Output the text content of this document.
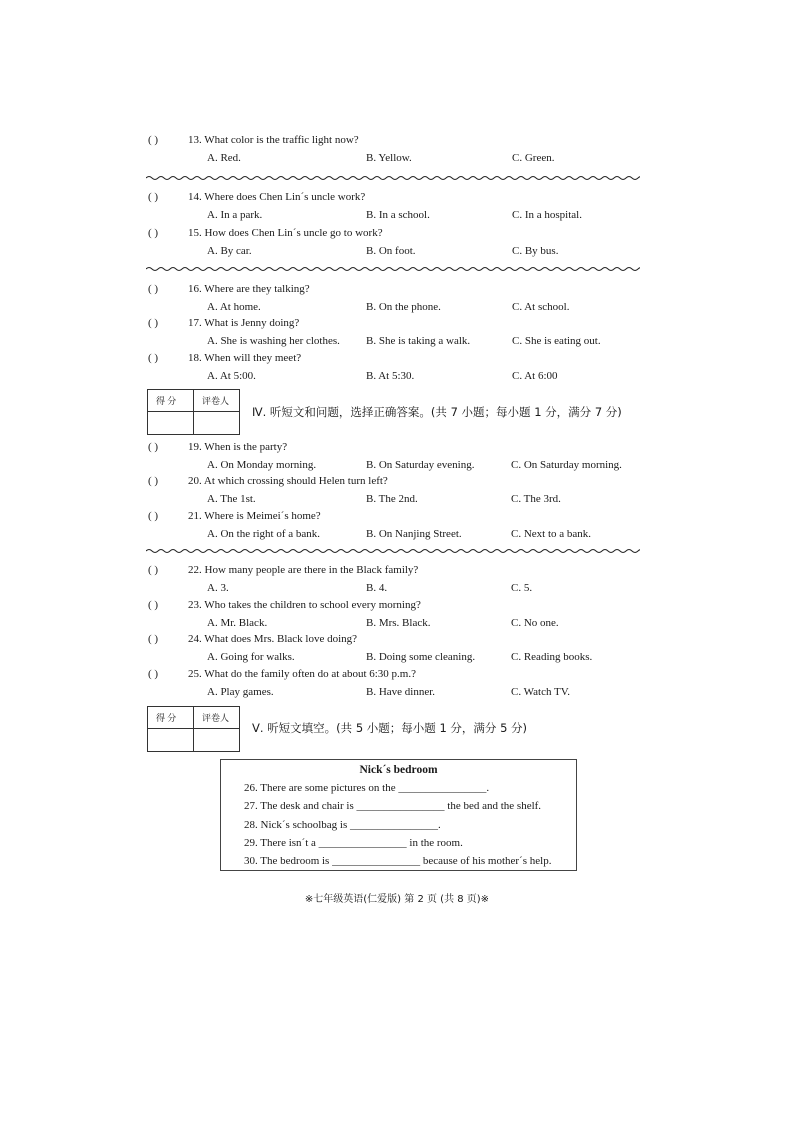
( )	13. What color is the traffic light now?
A. Red.	B. Yellow.	C. Green.
( )	14. Where does Chen Lin´s uncle work?
A. In a park.	B. In a school.	C. In a hospital.
( )	15. How does Chen Lin´s uncle go to work?
A. By car.	B. On foot.	C. By bus.
( )	16. Where are they talking?
A. At home.	B. On the phone.	C. At school.
( )	17. What is Jenny doing?
A. She is washing her clothes. B. She is taking a walk.	C. She is eating out.
( )	18. When will they meet?
A. At 5:00.	B. At 5:30.	C. At 6:00
得 分	评卷人
Ⅳ. 听短文和问题，选择正确答案。(共 7 小题；每小题 1 分，满分 7 分)
( )	19. When is the party?
A. On Monday morning.	B. On Saturday evening.	C. On Saturday morning.
( )	20. At which crossing should Helen turn left?
A. The 1st.	B. The 2nd.	C. The 3rd.
( )	21. Where is Meimei´s home?
A. On the right of a bank.	B. On Nanjing Street.	C. Next to a bank.
( )	22. How many people are there in the Black family?
A. 3.	B. 4.	C. 5.
( )	23. Who takes the children to school every morning?
A. Mr. Black.	B. Mrs. Black.	C. No one.
( )	24. What does Mrs. Black love doing?
A. Going for walks.	B. Doing some cleaning.	C. Reading books.
( )	25. What do the family often do at about 6:30 p.m.?
A. Play games.	B. Have dinner.	C. Watch TV.
得 分	评卷人
Ⅴ. 听短文填空。(共 5 小题；每小题 1 分，满分 5 分)
Nick´s bedroom
26. There are some pictures on the ________________.
27. The desk and chair is ________________ the bed and the shelf.
28. Nick´s schoolbag is ________________.
29. There isn´t a ________________ in the room.
30. The bedroom is ________________ because of his mother´s help.
※七年级英语(仁爱版) 第 2 页 (共 8 页)※
